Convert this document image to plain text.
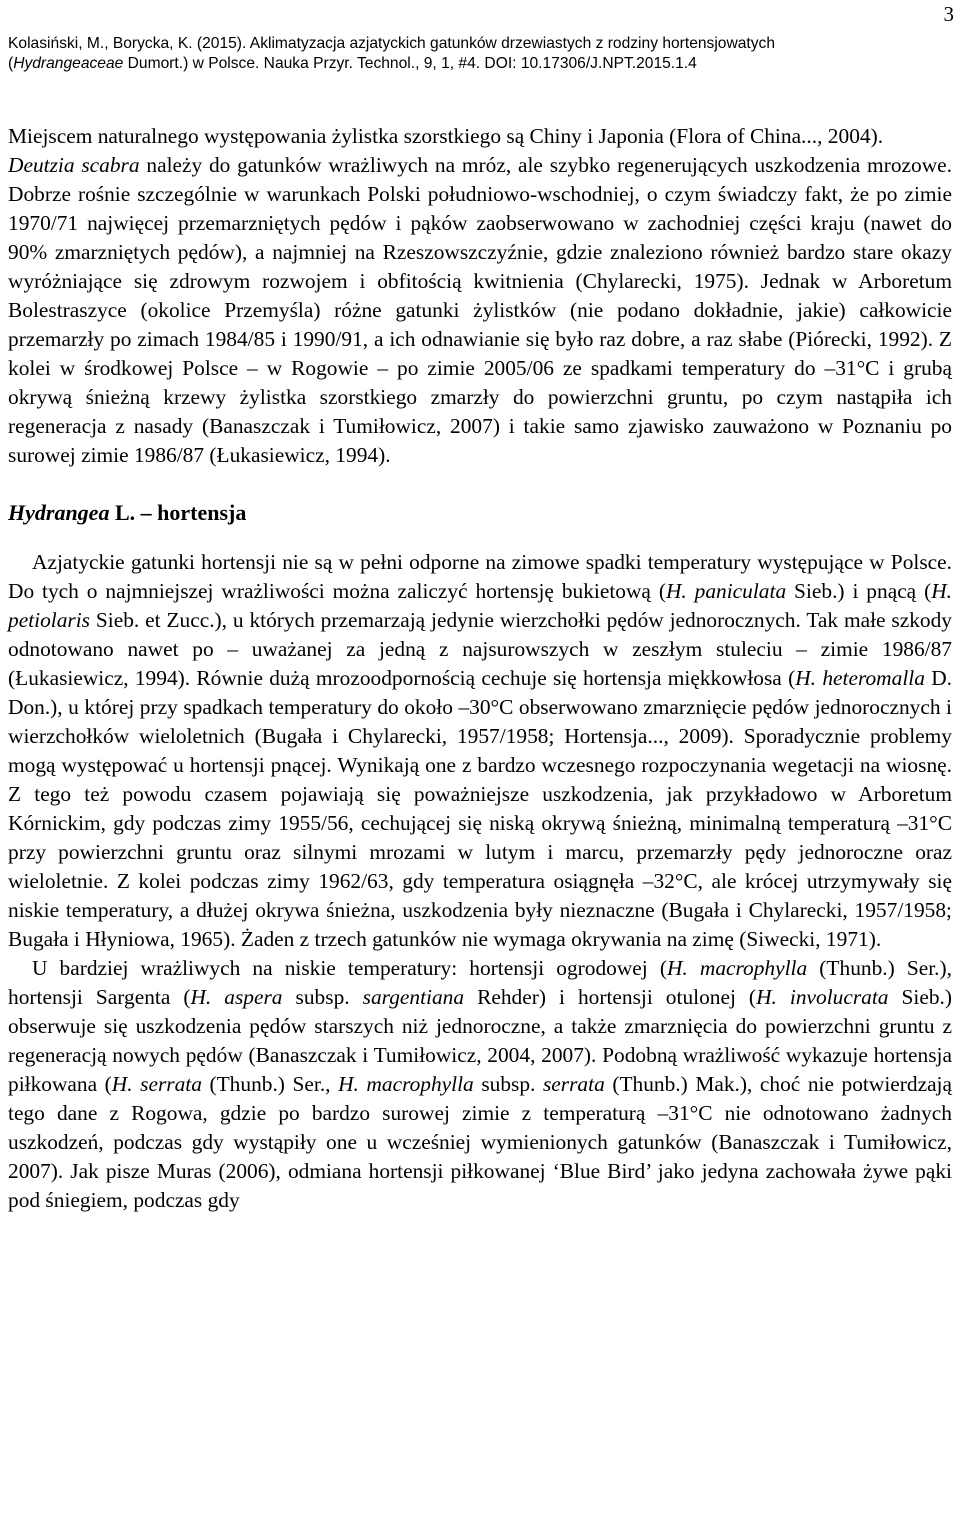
3
Kolasiński, M., Borycka, K. (2015). Aklimatyzacja azjatyckich gatunków drzewiastych z rodziny hortensjowatych
(Hydrangeaceae Dumort.) w Polsce. Nauka Przyr. Technol., 9, 1, #4. DOI: 10.17306/J.NPT.2015.1.4

Miejscem naturalnego występowania żylistka szorstkiego są Chiny i Japonia (Flora of China..., 2004).

Deutzia scabra należy do gatunków wrażliwych na mróz, ale szybko regenerujących uszkodzenia mrozowe. Dobrze rośnie szczególnie w warunkach Polski południowo-wschodniej, o czym świadczy fakt, że po zimie 1970/71 najwięcej przemarzniętych pędów i pąków zaobserwowano w zachodniej części kraju (nawet do 90% zmarzniętych pędów), a najmniej na Rzeszowszczyźnie, gdzie znaleziono również bardzo stare okazy wyróżniające się zdrowym rozwojem i obfitością kwitnienia (Chylarecki, 1975). Jednak w Arboretum Bolestraszyce (okolice Przemyśla) różne gatunki żylistków (nie podano dokładnie, jakie) całkowicie przemarzły po zimach 1984/85 i 1990/91, a ich odnawianie się było raz dobre, a raz słabe (Piórecki, 1992). Z kolei w środkowej Polsce – w Rogowie – po zimie 2005/06 ze spadkami temperatury do –31°C i grubą okrywą śnieżną krzewy żylistka szorstkiego zmarzły do powierzchni gruntu, po czym nastąpiła ich regeneracja z nasady (Banaszczak i Tumiłowicz, 2007) i takie samo zjawisko zauważono w Poznaniu po surowej zimie 1986/87 (Łukasiewicz, 1994).

Hydrangea L. – hortensja

Azjatyckie gatunki hortensji nie są w pełni odporne na zimowe spadki temperatury występujące w Polsce. Do tych o najmniejszej wrażliwości można zaliczyć hortensję bukietową (H. paniculata Sieb.) i pnącą (H. petiolaris Sieb. et Zucc.), u których przemarzają jedynie wierzchołki pędów jednorocznych. Tak małe szkody odnotowano nawet po – uważanej za jedną z najsurowszych w zeszłym stuleciu – zimie 1986/87 (Łukasiewicz, 1994). Równie dużą mrozoodpornością cechuje się hortensja miękkowłosa (H. heteromalla D. Don.), u której przy spadkach temperatury do około –30°C obserwowano zmarznięcie pędów jednorocznych i wierzchołków wieloletnich (Bugała i Chylarecki, 1957/1958; Hortensja..., 2009). Sporadycznie problemy mogą występować u hortensji pnącej. Wynikają one z bardzo wczesnego rozpoczynania wegetacji na wiosnę. Z tego też powodu czasem pojawiają się poważniejsze uszkodzenia, jak przykładowo w Arboretum Kórnickim, gdy podczas zimy 1955/56, cechującej się niską okrywą śnieżną, minimalną temperaturą –31°C przy powierzchni gruntu oraz silnymi mrozami w lutym i marcu, przemarzły pędy jednoroczne oraz wieloletnie. Z kolei podczas zimy 1962/63, gdy temperatura osiągnęła –32°C, ale krócej utrzymywały się niskie temperatury, a dłużej okrywa śnieżna, uszkodzenia były nieznaczne (Bugała i Chylarecki, 1957/1958; Bugała i Hłyniowa, 1965). Żaden z trzech gatunków nie wymaga okrywania na zimę (Siwecki, 1971).

U bardziej wrażliwych na niskie temperatury: hortensji ogrodowej (H. macrophylla (Thunb.) Ser.), hortensji Sargenta (H. aspera subsp. sargentiana Rehder) i hortensji otulonej (H. involucrata Sieb.) obserwuje się uszkodzenia pędów starszych niż jednoroczne, a także zmarznięcia do powierzchni gruntu z regeneracją nowych pędów (Banaszczak i Tumiłowicz, 2004, 2007). Podobną wrażliwość wykazuje hortensja piłkowana (H. serrata (Thunb.) Ser., H. macrophylla subsp. serrata (Thunb.) Mak.), choć nie potwierdzają tego dane z Rogowa, gdzie po bardzo surowej zimie z temperaturą –31°C nie odnotowano żadnych uszkodzeń, podczas gdy wystąpiły one u wcześniej wymienionych gatunków (Banaszczak i Tumiłowicz, 2007). Jak pisze Muras (2006), odmiana hortensji piłkowanej ‘Blue Bird’ jako jedyna zachowała żywe pąki pod śniegiem, podczas gdy
